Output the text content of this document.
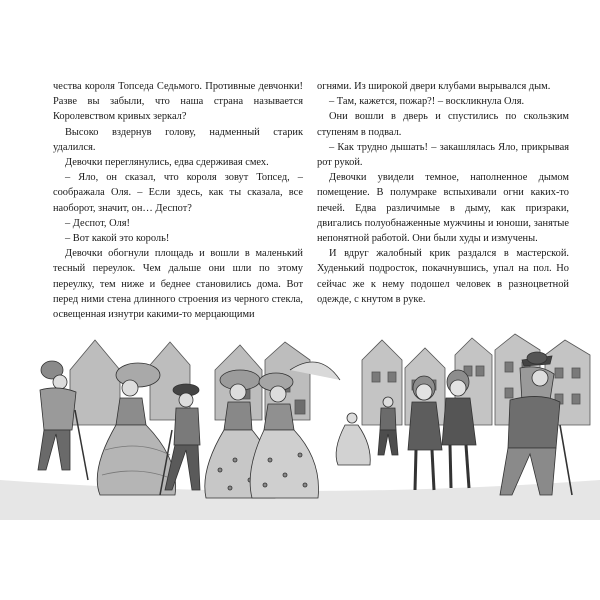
чества короля Топседа Седьмого. Противные девчонки! Разве вы забыли, что наша страна называется Королевством кривых зеркал?

Высоко вздернув голову, надменный старик удалился.

Девочки переглянулись, едва сдерживая смех.

– Яло, он сказал, что короля зовут Топсед, – соображала Оля. – Если здесь, как ты сказала, все наоборот, значит, он… Деспот?

– Деспот, Оля!

– Вот какой это король!

Девочки обогнули площадь и вошли в маленький тесный переулок. Чем дальше они шли по этому переулку, тем ниже и беднее становились дома. Вот перед ними стена длинного строения из черного стекла, освещенная изнутри какими-то мерцающими

огнями. Из широкой двери клубами вырывался дым.

– Там, кажется, пожар?! – воскликнула Оля.

Они вошли в дверь и спустились по скользким ступеням в подвал.

– Как трудно дышать! – закашлялась Яло, прикрывая рот рукой.

Девочки увидели темное, наполненное дымом помещение. В полумраке вспыхивали огни каких-то печей. Едва различимые в дыму, как призраки, двигались полуобнаженные мужчины и юноши, занятые непонятной работой. Они были худы и измучены.

И вдруг жалобный крик раздался в мастерской. Худенький подросток, покачнувшись, упал на пол. Но сейчас же к нему подошел человек в разноцветной одежде, с кнутом в руке.
